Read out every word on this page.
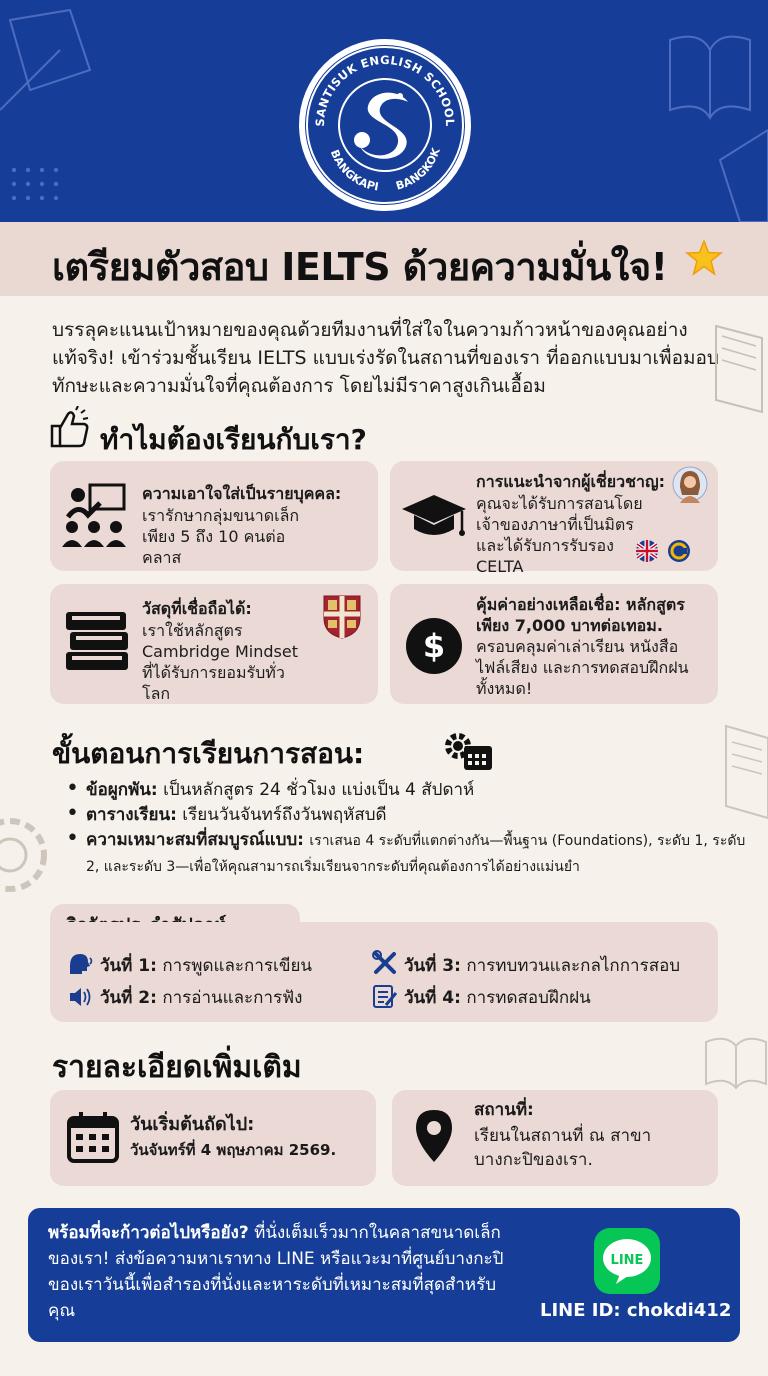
SANTISUK ENGLISH SCHOOL
BANGKAPI BANGKOK
เตรียมตัวสอบ IELTS ด้วยความมั่นใจ!
บรรลุคะแนนเป้าหมายของคุณด้วยทีมงานที่ใส่ใจในความก้าวหน้าของคุณอย่างแท้จริง! เข้าร่วมชั้นเรียน IELTS แบบเร่งรัดในสถานที่ของเรา ที่ออกแบบมาเพื่อมอบทักษะและความมั่นใจที่คุณต้องการ โดยไม่มีราคาสูงเกินเอื้อม
ทำไมต้องเรียนกับเรา?
ความเอาใจใส่เป็นรายบุคคล:
เรารักษากลุ่มขนาดเล็ก เพียง 5 ถึง 10 คนต่อคลาส
การแนะนำจากผู้เชี่ยวชาญ:
คุณจะได้รับการสอนโดยเจ้าของภาษาที่เป็นมิตรและได้รับการรับรอง CELTA
วัสดุที่เชื่อถือได้:
เราใช้หลักสูตร Cambridge Mindset ที่ได้รับการยอมรับทั่วโลก
$
คุ้มค่าอย่างเหลือเชื่อ: หลักสูตรเพียง 7,000 บาทต่อเทอม.
ครอบคลุมค่าเล่าเรียน หนังสือ ไฟล์เสียง และการทดสอบฝึกฝนทั้งหมด!
ขั้นตอนการเรียนการสอน:
• ข้อผูกพัน: เป็นหลักสูตร 24 ชั่วโมง แบ่งเป็น 4 สัปดาห์
• ตารางเรียน: เรียนวันจันทร์ถึงวันพฤหัสบดี
• ความเหมาะสมที่สมบูรณ์แบบ: เราเสนอ 4 ระดับที่แตกต่างกัน—พื้นฐาน (Foundations), ระดับ 1, ระดับ 2, และระดับ 3—เพื่อให้คุณสามารถเริ่มเรียนจากระดับที่คุณต้องการได้อย่างแม่นยำ
วันที่ 1: การพูดและการเขียน
วันที่ 2: การอ่านและการฟัง
วันที่ 3: การทบทวนและกลไกการสอบ
วันที่ 4: การทดสอบฝึกฝน
รายละเอียดเพิ่มเติม
วันเริ่มต้นถัดไป:
วันจันทร์ที่ 4 พฤษภาคม 2569.
สถานที่:
เรียนในสถานที่ ณ สาขาบางกะปิของเรา.
พร้อมที่จะก้าวต่อไปหรือยัง? ที่นั่งเต็มเร็วมากในคลาสขนาดเล็กของเรา! ส่งข้อความหาเราทาง LINE หรือแวะมาที่ศูนย์บางกะปิของเราวันนี้เพื่อสำรองที่นั่งและหาระดับที่เหมาะสมที่สุดสำหรับคุณ
LINE
LINE ID: chokdi412
